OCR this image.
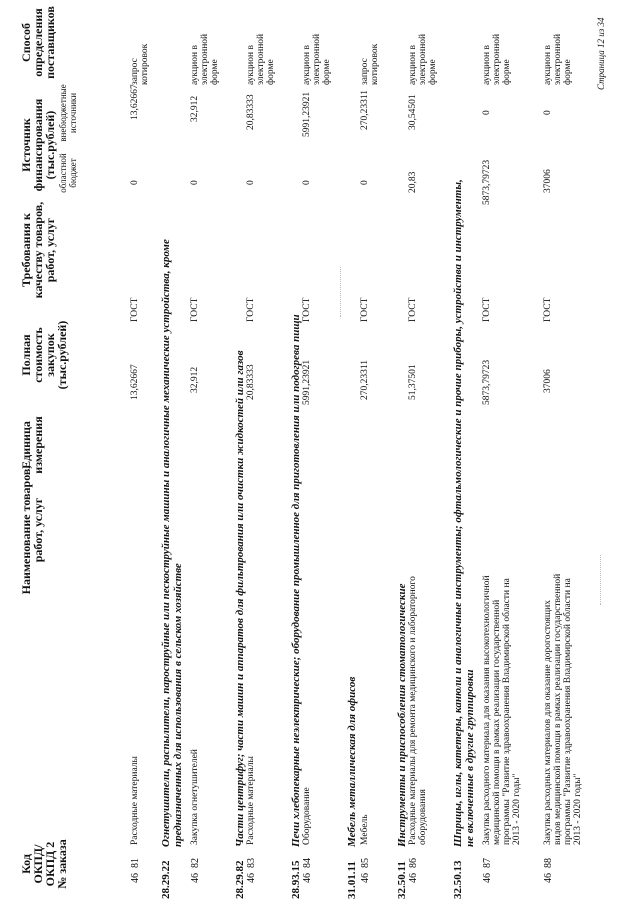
Код
ОКПД/
ОКПД 2
№ заказа
Наименование товаров,
работ, услуг
Единица
измерения
Полная
стоимость
закупок
(тыс.рублей)
Требования к
качеству товаров,
работ, услуг
Источник
финансирования
(тыс.рублей) областной бюджет
внебюджетные источники
Способ
определения
поставщиков
46  81
Расходные материалы
13,62667
ГОСТ
0
13,62667
запрос котировок
28.29.22
Огнетушители, распылители, пароструйные или пескоструйные машины и аналогичные механические устройства, кроме предназначенных для использования в сельском хозяйстве
46  82
Закупка огнетушителей
32,912
ГОСТ
0
32,912
аукцион в электронной форме
28.29.82
Части центрифуг; части машин и аппаратов для фильтрования или очистки жидкостей или газов
46  83
Расходные материалы
20,83333
ГОСТ
0
20,83333
аукцион в электронной форме
28.93.15
Печи хлебопекарные неэлектрические; оборудование промышленное для приготовления или подогрева пищи
46  84
Оборудование
5991,23921
ГОСТ
0
5991,23921
аукцион в электронной форме
31.01.11
Мебель металлическая для офисов
46  85
Мебель
270,23311
ГОСТ
0
270,23311
запрос котировок
32.50.11
Инструменты и приспособления стоматологические
46  86
Расходные материалы для ремонта медицинского и лабораторного оборудования
51,37501
ГОСТ
20,83
30,54501
аукцион в электронной форме
32.50.13
Шприцы, иглы, катетеры, канюли и аналогичные инструменты; офтальмологические и прочие приборы, устройства и инструменты, не включенные в другие группировки
46  87
Закупка расходного материала для оказания высокотехнологичной медицинской помощи в рамках реализации государственной программы "Развитие здравоохранения Владимирской области на 2013 - 2020 годы"
5873,79723
ГОСТ
5873,79723
0
аукцион в электронной форме
46  88
Закупка расходных материалов для оказание дорогостоящих видов медицинской помощи в рамках реализации государственной программы "Развитие здравоохранения Владимирской области на 2013 - 2020 годы"
37006
ГОСТ
37006
0
аукцион в электронной форме	Страница 12 из 34
